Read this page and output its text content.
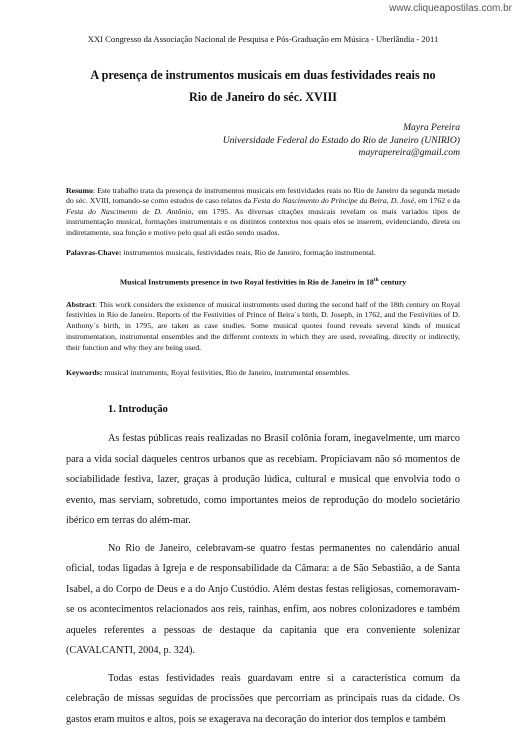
www.cliqueapostilas.com.br
XXI Congresso da Associação Nacional de Pesquisa e Pós-Graduação em Música - Uberlândia - 2011
A presença de instrumentos musicais em duas festividades reais no
Rio de Janeiro do séc. XVIII
Mayra Pereira
Universidade Federal do Estado do Rio de Janeiro (UNIRIO)
mayrapereira@gmail.com
Resumo: Este trabalho trata da presença de instrumentos musicais em festividades reais no Rio de Janeiro da segunda metade do séc. XVIII, tomando-se como estudos de caso relatos da Festa do Nascimento do Príncipe da Beira, D. José, em 1762 e da Festa do Nascimento de D. Antônio, em 1795. As diversas citações musicais revelam os mais variados tipos de instrumentação musical, formações instrumentais e os distintos contextos nos quais eles se inserem, evidenciando, direta ou indiretamente, sua função e motivo pelo qual ali estão sendo usados.
Palavras-Chave: instrumentos musicais, festividades reais, Rio de Janeiro, formação instrumental.
Musical Instruments presence in two Royal festivities in Rio de Janeiro in 18th century
Abstract: This work considers the existence of musical instruments used during the second half of the 18th century on Royal festivities in Rio de Janeiro. Reports of the Festivities of Prince of Beira`s birth, D. Joseph, in 1762, and the Festivities of D. Anthony`s birth, in 1795, are taken as case studies. Some musical quotes found reveals several kinds of musical instrumentation, instrumental ensembles and the different contexts in which they are used, revealing, directly or indirectly, their function and why they are being used.
Keywords: musical instruments, Royal festivities, Rio de Janeiro, instrumental ensembles.
1. Introdução

As festas públicas reais realizadas no Brasil colônia foram, inegavelmente, um marco para a vida social daqueles centros urbanos que as recebiam. Propiciavam não só momentos de sociabilidade festiva, lazer, graças à produção lúdica, cultural e musical que envolvia todo o evento, mas serviam, sobretudo, como importantes meios de reprodução do modelo societário ibérico em terras do além-mar.

No Rio de Janeiro, celebravam-se quatro festas permanentes no calendário anual oficial, todas ligadas à Igreja e de responsabilidade da Câmara: a de São Sebastião, a de Santa Isabel, a do Corpo de Deus e a do Anjo Custódio. Além destas festas religiosas, comemoravam-se os acontecimentos relacionados aos reis, rainhas, enfim, aos nobres colonizadores e também aqueles referentes a pessoas de destaque da capitania que era conveniente solenizar (CAVALCANTI, 2004, p. 324).

Todas estas festividades reais guardavam entre si a característica comum da celebração de missas seguidas de procissões que percorriam as principais ruas da cidade. Os gastos eram muitos e altos, pois se exagerava na decoração do interior dos templos e também
